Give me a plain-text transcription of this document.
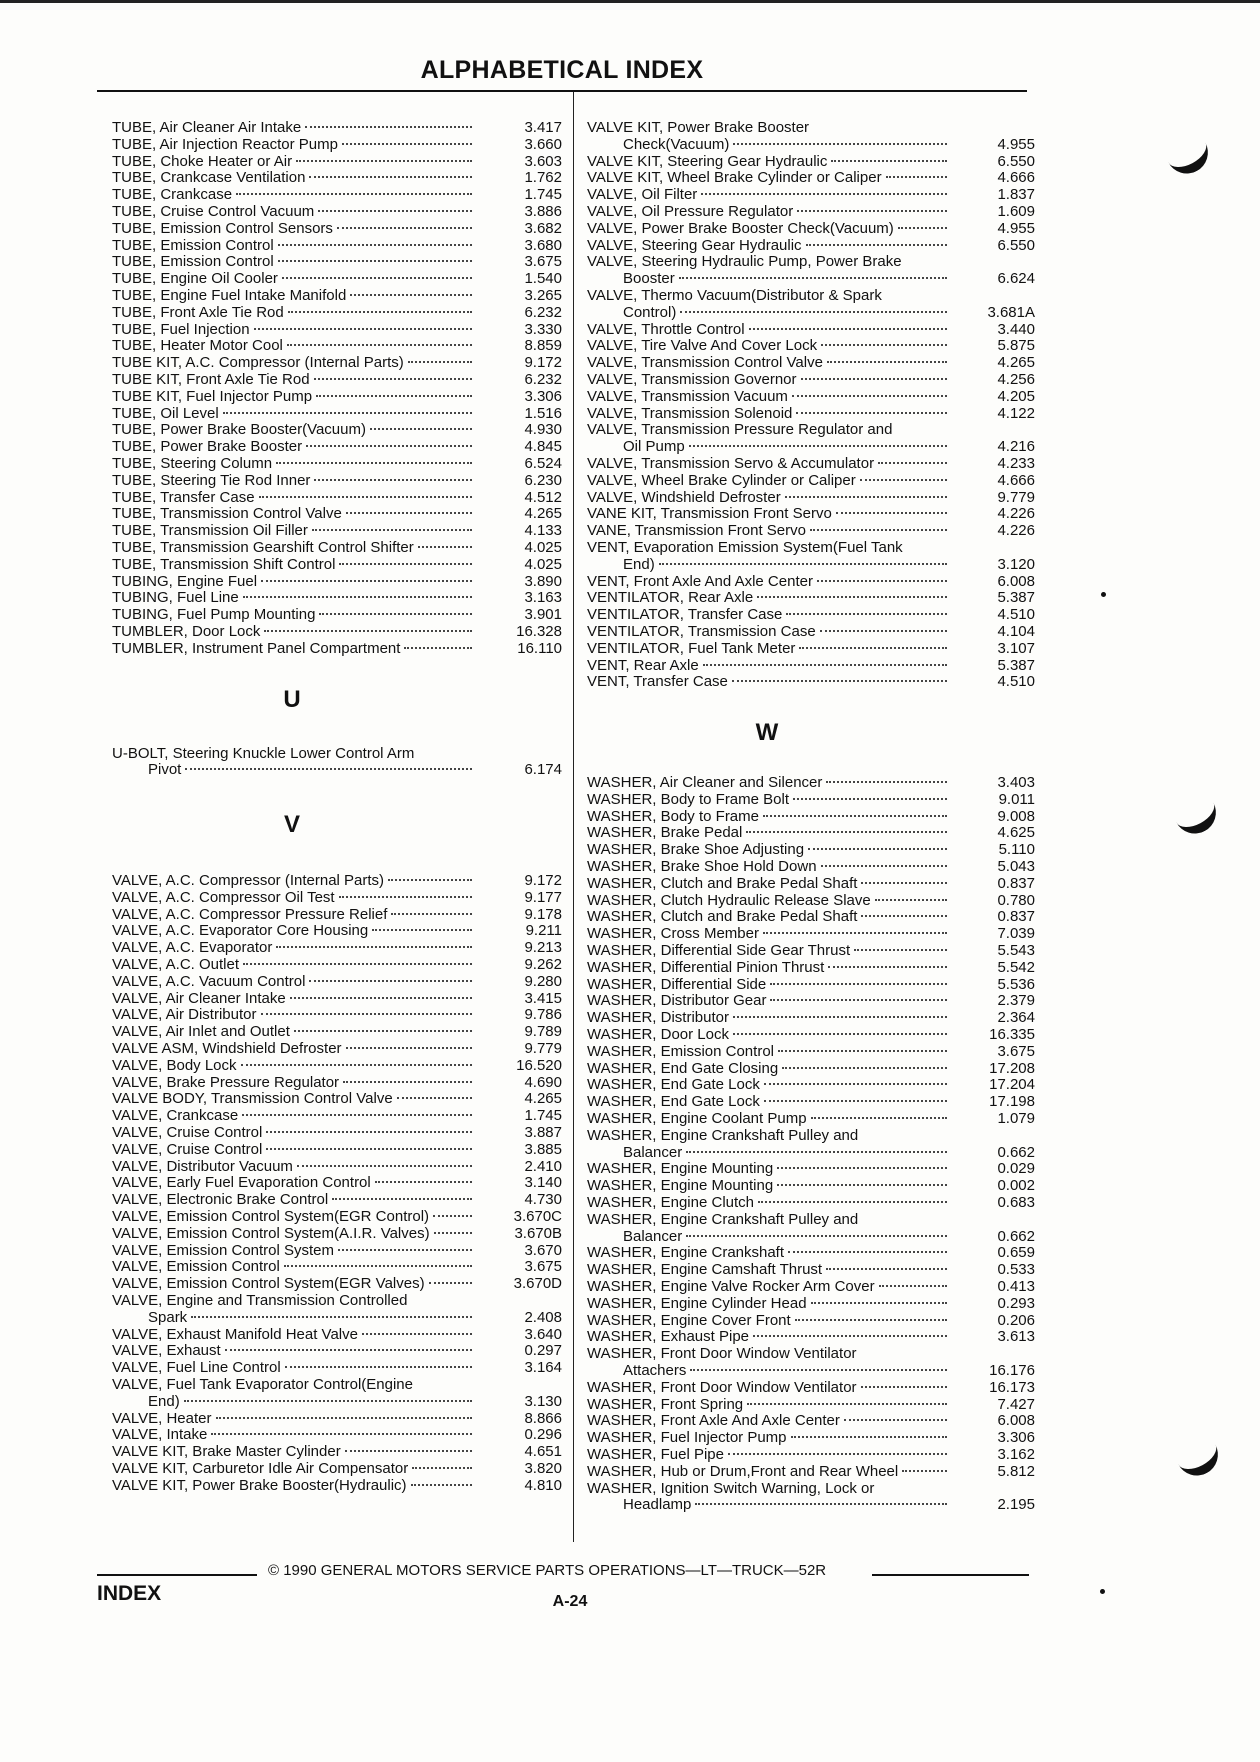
ALPHABETICAL INDEX
TUBE, Air Cleaner Air Intake	3.417
TUBE, Air Injection Reactor Pump	3.660
TUBE, Choke Heater or Air	3.603
TUBE, Crankcase Ventilation	1.762
TUBE, Crankcase	1.745
TUBE, Cruise Control Vacuum	3.886
TUBE, Emission Control Sensors	3.682
TUBE, Emission Control	3.680
TUBE, Emission Control	3.675
TUBE, Engine Oil Cooler	1.540
TUBE, Engine Fuel Intake Manifold	3.265
TUBE, Front Axle Tie Rod	6.232
TUBE, Fuel Injection	3.330
TUBE, Heater Motor Cool	8.859
TUBE KIT, A.C. Compressor (Internal Parts)	9.172
TUBE KIT, Front Axle Tie Rod	6.232
TUBE KIT, Fuel Injector Pump	3.306
TUBE, Oil Level	1.516
TUBE, Power Brake Booster(Vacuum)	4.930
TUBE, Power Brake Booster	4.845
TUBE, Steering Column	6.524
TUBE, Steering Tie Rod Inner	6.230
TUBE, Transfer Case	4.512
TUBE, Transmission Control Valve	4.265
TUBE, Transmission Oil Filler	4.133
TUBE, Transmission Gearshift Control Shifter	4.025
TUBE, Transmission Shift Control	4.025
TUBING, Engine Fuel	3.890
TUBING, Fuel Line	3.163
TUBING, Fuel Pump Mounting	3.901
TUMBLER, Door Lock	16.328
TUMBLER, Instrument Panel Compartment	16.110
U
U-BOLT, Steering Knuckle Lower Control Arm
Pivot	6.174
V
VALVE, A.C. Compressor (Internal Parts)	9.172
VALVE, A.C. Compressor Oil Test	9.177
VALVE, A.C. Compressor Pressure Relief	9.178
VALVE, A.C. Evaporator Core Housing	9.211
VALVE, A.C. Evaporator	9.213
VALVE, A.C. Outlet	9.262
VALVE, A.C. Vacuum Control	9.280
VALVE, Air Cleaner Intake	3.415
VALVE, Air Distributor	9.786
VALVE, Air Inlet and Outlet	9.789
VALVE ASM, Windshield Defroster	9.779
VALVE, Body Lock	16.520
VALVE, Brake Pressure Regulator	4.690
VALVE BODY, Transmission Control Valve	4.265
VALVE, Crankcase	1.745
VALVE, Cruise Control	3.887
VALVE, Cruise Control	3.885
VALVE, Distributor Vacuum	2.410
VALVE, Early Fuel Evaporation Control	3.140
VALVE, Electronic Brake Control	4.730
VALVE, Emission Control System(EGR Control)	3.670C
VALVE, Emission Control System(A.I.R. Valves)	3.670B
VALVE, Emission Control System	3.670
VALVE, Emission Control	3.675
VALVE, Emission Control System(EGR Valves)	3.670D
VALVE, Engine and Transmission Controlled
Spark	2.408
VALVE, Exhaust Manifold Heat Valve	3.640
VALVE, Exhaust	0.297
VALVE, Fuel Line Control	3.164
VALVE, Fuel Tank Evaporator Control(Engine
End)	3.130
VALVE, Heater	8.866
VALVE, Intake	0.296
VALVE KIT, Brake Master Cylinder	4.651
VALVE KIT, Carburetor Idle Air Compensator	3.820
VALVE KIT, Power Brake Booster(Hydraulic)	4.810
VALVE KIT, Power Brake Booster
Check(Vacuum)	4.955
VALVE KIT, Steering Gear Hydraulic	6.550
VALVE KIT, Wheel Brake Cylinder or Caliper	4.666
VALVE, Oil Filter	1.837
VALVE, Oil Pressure Regulator	1.609
VALVE, Power Brake Booster Check(Vacuum)	4.955
VALVE, Steering Gear Hydraulic	6.550
VALVE, Steering Hydraulic Pump, Power Brake
Booster	6.624
VALVE, Thermo Vacuum(Distributor & Spark
Control)	3.681A
VALVE, Throttle Control	3.440
VALVE, Tire Valve And Cover Lock	5.875
VALVE, Transmission Control Valve	4.265
VALVE, Transmission Governor	4.256
VALVE, Transmission Vacuum	4.205
VALVE, Transmission Solenoid	4.122
VALVE, Transmission Pressure Regulator and
Oil Pump	4.216
VALVE, Transmission Servo & Accumulator	4.233
VALVE, Wheel Brake Cylinder or Caliper	4.666
VALVE, Windshield Defroster	9.779
VANE KIT, Transmission Front Servo	4.226
VANE, Transmission Front Servo	4.226
VENT, Evaporation Emission System(Fuel Tank
End)	3.120
VENT, Front Axle And Axle Center	6.008
VENTILATOR, Rear Axle	5.387
VENTILATOR, Transfer Case	4.510
VENTILATOR, Transmission Case	4.104
VENTILATOR, Fuel Tank Meter	3.107
VENT, Rear Axle	5.387
VENT, Transfer Case	4.510
W
WASHER, Air Cleaner and Silencer	3.403
WASHER, Body to Frame Bolt	9.011
WASHER, Body to Frame	9.008
WASHER, Brake Pedal	4.625
WASHER, Brake Shoe Adjusting	5.110
WASHER, Brake Shoe Hold Down	5.043
WASHER, Clutch and Brake Pedal Shaft	0.837
WASHER, Clutch Hydraulic Release Slave	0.780
WASHER, Clutch and Brake Pedal Shaft	0.837
WASHER, Cross Member	7.039
WASHER, Differential Side Gear Thrust	5.543
WASHER, Differential Pinion Thrust	5.542
WASHER, Differential Side	5.536
WASHER, Distributor Gear	2.379
WASHER, Distributor	2.364
WASHER, Door Lock	16.335
WASHER, Emission Control	3.675
WASHER, End Gate Closing	17.208
WASHER, End Gate Lock	17.204
WASHER, End Gate Lock	17.198
WASHER, Engine Coolant Pump	1.079
WASHER, Engine Crankshaft Pulley and
Balancer	0.662
WASHER, Engine Mounting	0.029
WASHER, Engine Mounting	0.002
WASHER, Engine Clutch	0.683
WASHER, Engine Crankshaft Pulley and
Balancer	0.662
WASHER, Engine Crankshaft	0.659
WASHER, Engine Camshaft Thrust	0.533
WASHER, Engine Valve Rocker Arm Cover	0.413
WASHER, Engine Cylinder Head	0.293
WASHER, Engine Cover Front	0.206
WASHER, Exhaust Pipe	3.613
WASHER, Front Door Window Ventilator
Attachers	16.176
WASHER, Front Door Window Ventilator	16.173
WASHER, Front Spring	7.427
WASHER, Front Axle And Axle Center	6.008
WASHER, Fuel Injector Pump	3.306
WASHER, Fuel Pipe	3.162
WASHER, Hub or Drum,Front and Rear Wheel	5.812
WASHER, Ignition Switch Warning, Lock or
Headlamp	2.195
© 1990 GENERAL MOTORS SERVICE PARTS OPERATIONS—LT—TRUCK—52R
INDEX	A-24
